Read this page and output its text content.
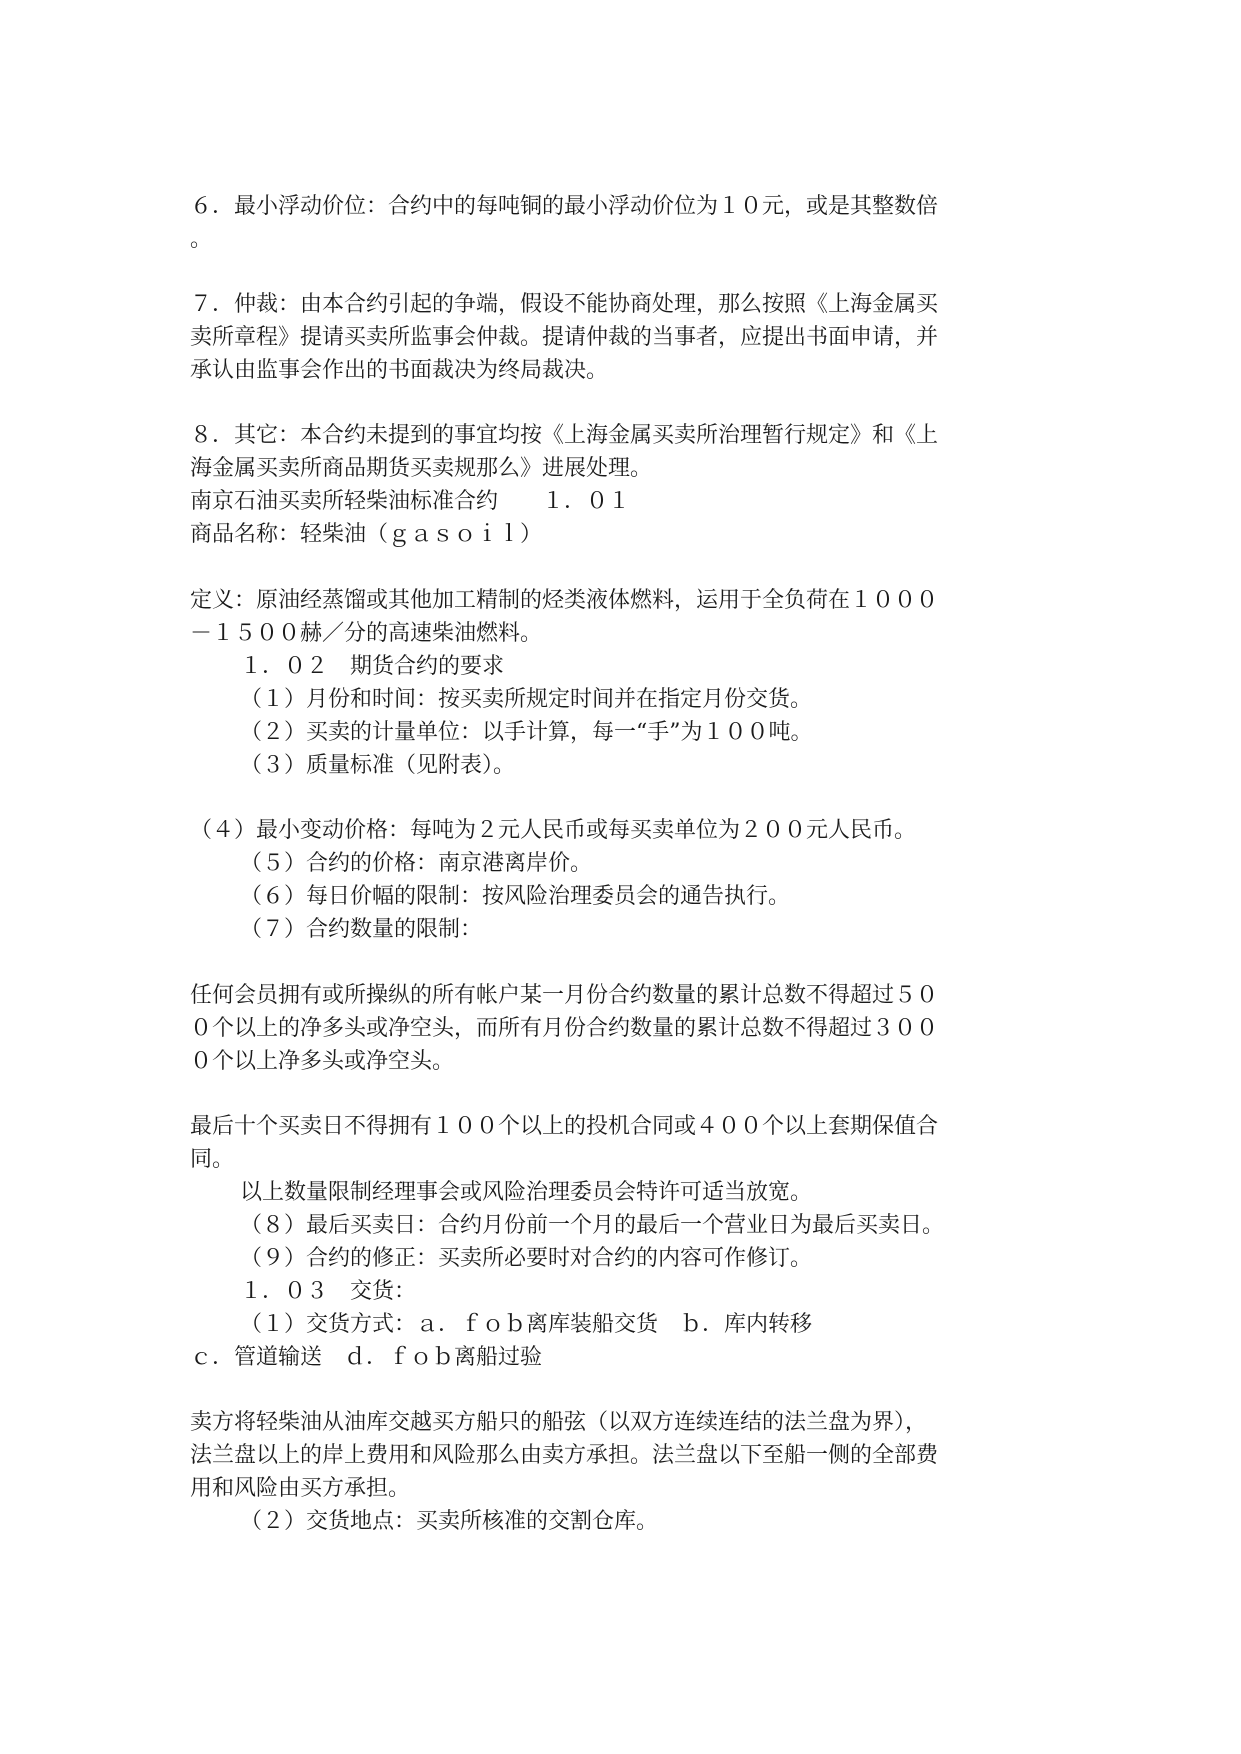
６．最小浮动价位：合约中的每吨铜的最小浮动价位为１０元，或是其整数倍
。
７．仲裁：由本合约引起的争端，假设不能协商处理，那么按照《上海金属买
卖所章程》提请买卖所监事会仲裁。提请仲裁的当事者，应提出书面申请，并
承认由监事会作出的书面裁决为终局裁决。
８．其它：本合约未提到的事宜均按《上海金属买卖所治理暂行规定》和《上
海金属买卖所商品期货买卖规那么》进展处理。
南京石油买卖所轻柴油标准合约　　１．０１
商品名称：轻柴油（ｇａｓｏｉｌ）
定义：原油经蒸馏或其他加工精制的烃类液体燃料，运用于全负荷在１０００
－１５００赫／分的高速柴油燃料。
１．０２　期货合约的要求
（１）月份和时间：按买卖所规定时间并在指定月份交货。
（２）买卖的计量单位：以手计算，每一“手”为１００吨。
（３）质量标准（见附表）。
（４）最小变动价格：每吨为２元人民币或每买卖单位为２００元人民币。
（５）合约的价格：南京港离岸价。
（６）每日价幅的限制：按风险治理委员会的通告执行。
（７）合约数量的限制：
任何会员拥有或所操纵的所有帐户某一月份合约数量的累计总数不得超过５０
０个以上的净多头或净空头，而所有月份合约数量的累计总数不得超过３００
０个以上净多头或净空头。
最后十个买卖日不得拥有１００个以上的投机合同或４００个以上套期保值合
同。
以上数量限制经理事会或风险治理委员会特许可适当放宽。
（８）最后买卖日：合约月份前一个月的最后一个营业日为最后买卖日。
（９）合约的修正：买卖所必要时对合约的内容可作修订。
１．０３　交货：
（１）交货方式：ａ．ｆｏｂ离库装船交货　ｂ．库内转移
ｃ．管道输送　ｄ．ｆｏｂ离船过验
卖方将轻柴油从油库交越买方船只的船弦（以双方连续连结的法兰盘为界），
法兰盘以上的岸上费用和风险那么由卖方承担。法兰盘以下至船一侧的全部费
用和风险由买方承担。
（２）交货地点：买卖所核准的交割仓库。
